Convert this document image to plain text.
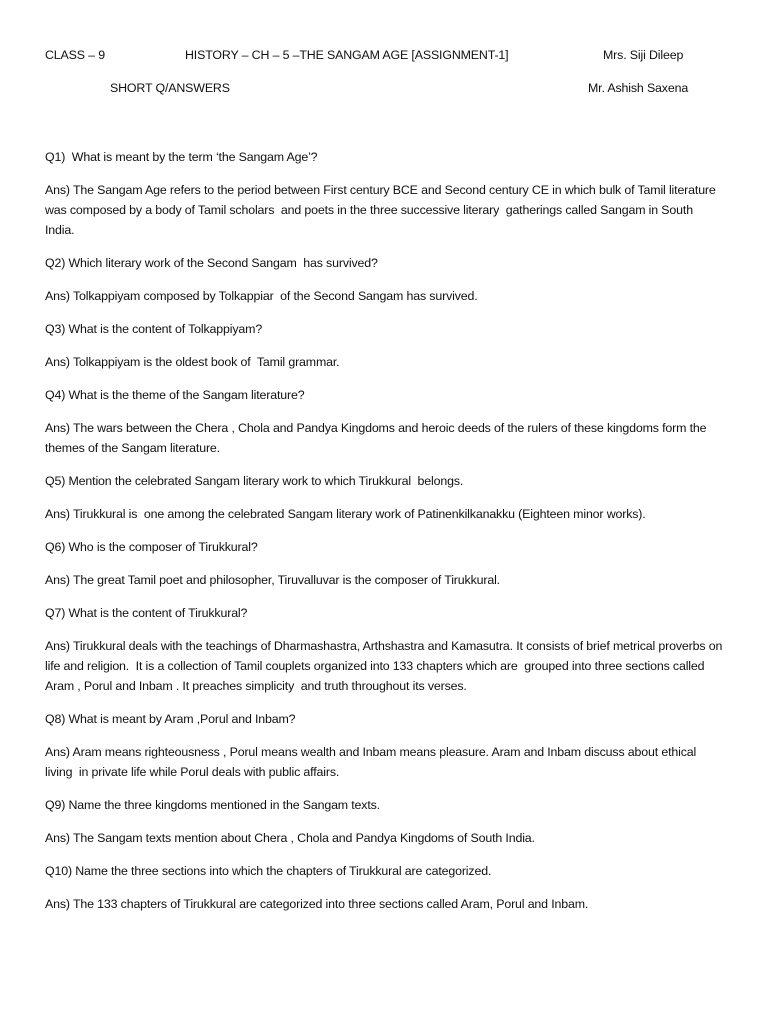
CLASS – 9	HISTORY – CH – 5 –THE SANGAM AGE [ASSIGNMENT-1]	Mrs. Siji Dileep
SHORT Q/ANSWERS	Mr. Ashish Saxena

Q1)  What is meant by the term ‘the Sangam Age’?

Ans) The Sangam Age refers to the period between First century BCE and Second century CE in which bulk of Tamil literature was composed by a body of Tamil scholars  and poets in the three successive literary  gatherings called Sangam in South India.

Q2) Which literary work of the Second Sangam  has survived?

Ans) Tolkappiyam composed by Tolkappiar  of the Second Sangam has survived.

Q3) What is the content of Tolkappiyam?

Ans) Tolkappiyam is the oldest book of  Tamil grammar.

Q4) What is the theme of the Sangam literature?

Ans) The wars between the Chera , Chola and Pandya Kingdoms and heroic deeds of the rulers of these kingdoms form the themes of the Sangam literature.

Q5) Mention the celebrated Sangam literary work to which Tirukkural  belongs.

Ans) Tirukkural is  one among the celebrated Sangam literary work of Patinenkilkanakku (Eighteen minor works).

Q6) Who is the composer of Tirukkural?

Ans) The great Tamil poet and philosopher, Tiruvalluvar is the composer of Tirukkural.

Q7) What is the content of Tirukkural?

Ans) Tirukkural deals with the teachings of Dharmashastra, Arthshastra and Kamasutra. It consists of brief metrical proverbs on life and religion.  It is a collection of Tamil couplets organized into 133 chapters which are  grouped into three sections called Aram , Porul and Inbam . It preaches simplicity  and truth throughout its verses.

Q8) What is meant by Aram ,Porul and Inbam?

Ans) Aram means righteousness , Porul means wealth and Inbam means pleasure. Aram and Inbam discuss about ethical living  in private life while Porul deals with public affairs.

Q9) Name the three kingdoms mentioned in the Sangam texts.

Ans) The Sangam texts mention about Chera , Chola and Pandya Kingdoms of South India.

Q10) Name the three sections into which the chapters of Tirukkural are categorized.

Ans) The 133 chapters of Tirukkural are categorized into three sections called Aram, Porul and Inbam.
